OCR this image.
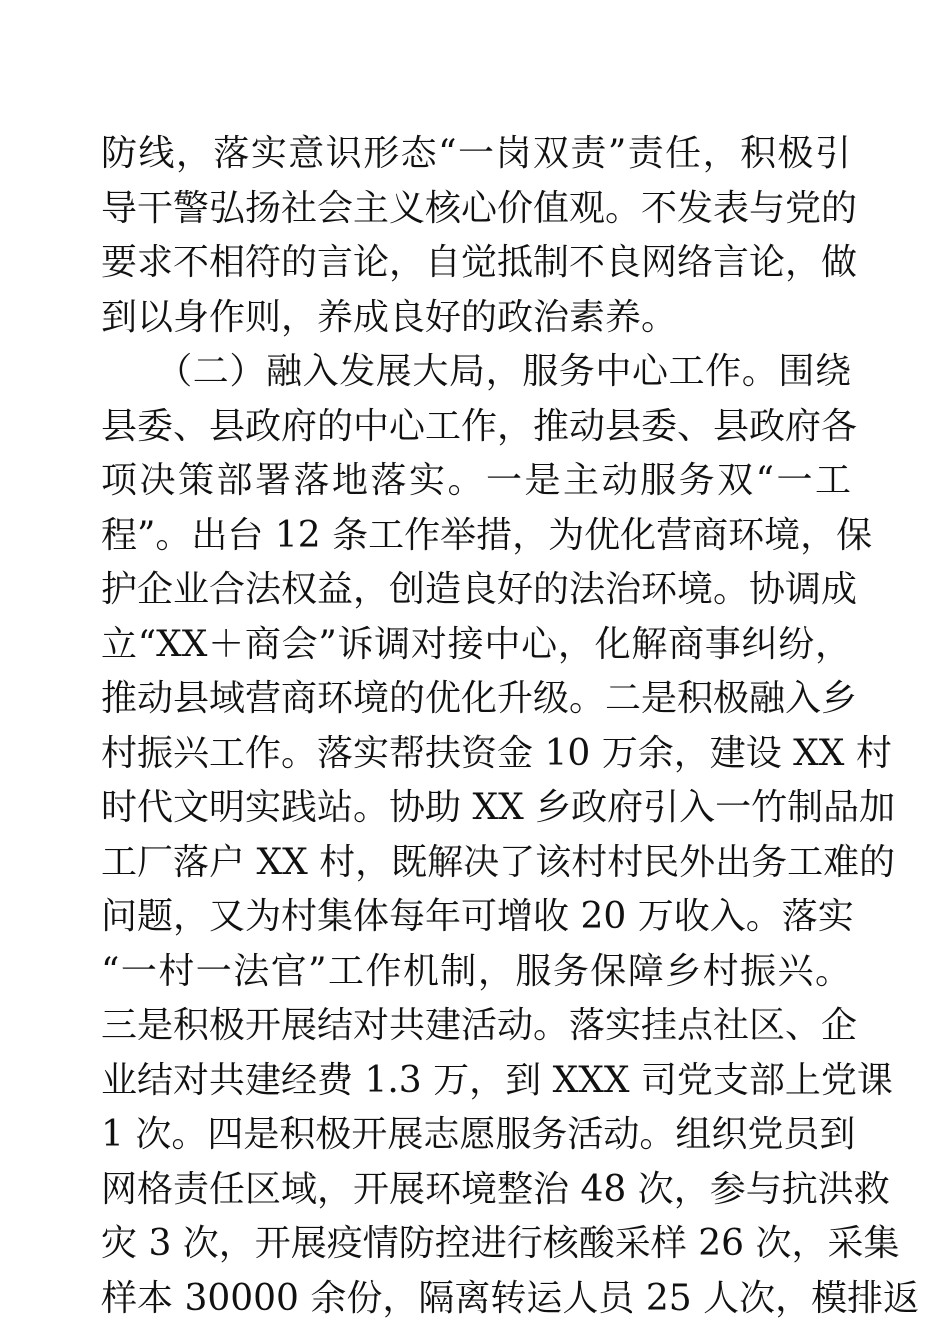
防线，落实意识形态“一岗双责”责任，积极引
导干警弘扬社会主义核心价值观。不发表与党的
要求不相符的言论，自觉抵制不良网络言论，做
到以身作则，养成良好的政治素养。
　　（二）融入发展大局，服务中心工作。围绕
县委、县政府的中心工作，推动县委、县政府各
项决策部署落地落实。一是主动服务双“一工
程”。出台 12 条工作举措，为优化营商环境，保
护企业合法权益，创造良好的法治环境。协调成
立“XX＋商会”诉调对接中心，化解商事纠纷，
推动县域营商环境的优化升级。二是积极融入乡
村振兴工作。落实帮扶资金 10 万余，建设 XX 村
时代文明实践站。协助 XX 乡政府引入一竹制品加
工厂落户 XX 村，既解决了该村村民外出务工难的
问题，又为村集体每年可增收 20 万收入。落实
“一村一法官”工作机制，服务保障乡村振兴。
三是积极开展结对共建活动。落实挂点社区、企
业结对共建经费 1.3 万，到 XXX 司党支部上党课
1 次。四是积极开展志愿服务活动。组织党员到
网格责任区域，开展环境整治 48 次，参与抗洪救
灾 3 次，开展疫情防控进行核酸采样 26 次，采集
样本 30000 余份，隔离转运人员 25 人次，模排返
